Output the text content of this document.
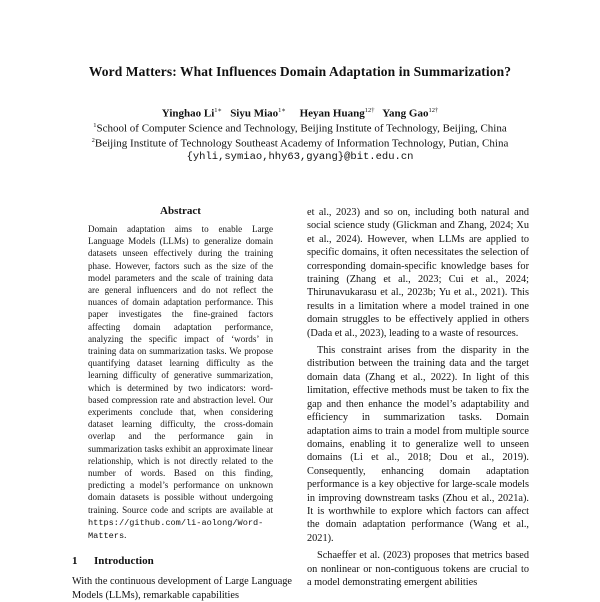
Word Matters: What Influences Domain Adaptation in Summarization?
Yinghao $Li^{1∗}$ Siyu Miao$^{1∗}$ Heyan Huang$^{12\dagger}$ Yang Gao$^{12\dagger}$
$^1$School of Computer Science and Technology, Beijing Institute of Technology, Beijing, China
$^2$Beijing Institute of Technology Southeast Academy of Information Technology, Putian, China
{yhli,symiao,hhy63,gyang}@bit.edu.cn
Abstract
Domain adaptation aims to enable Large Language Models (LLMs) to generalize domain datasets unseen effectively during the training phase. However, factors such as the size of the model parameters and the scale of training data are general influencers and do not reflect the nuances of domain adaptation performance. This paper investigates the fine-grained factors affecting domain adaptation performance, analyzing the specific impact of ‘words’ in training data on summarization tasks. We propose quantifying dataset learning difficulty as the learning difficulty of generative summarization, which is determined by two indicators: word-based compression rate and abstraction level. Our experiments conclude that, when considering dataset learning difficulty, the cross-domain overlap and the performance gain in summarization tasks exhibit an approximate linear relationship, which is not directly related to the number of words. Based on this finding, predicting a model’s performance on unknown domain datasets is possible without undergoing training. Source code and scripts are available at https://github.com/li-aolong/Word-Matters.
1 Introduction
With the continuous development of Large Language Models (LLMs), remarkable capabilities

et al., 2023) and so on, including both natural and social science study (Glickman and Zhang, 2024; Xu et al., 2024). However, when LLMs are applied to specific domains, it often necessitates the selection of corresponding domain-specific knowledge bases for training (Zhang et al., 2023; Cui et al., 2024; Thirunavukarasu et al., 2023b; Yu et al., 2021). This results in a limitation where a model trained in one domain struggles to be effectively applied in others (Dada et al., 2023), leading to a waste of resources.

This constraint arises from the disparity in the distribution between the training data and the target domain data (Zhang et al., 2022). In light of this limitation, effective methods must be taken to fix the gap and then enhance the model’s adaptability and efficiency in summarization tasks. Domain adaptation aims to train a model from multiple source domains, enabling it to generalize well to unseen domains (Li et al., 2018; Dou et al., 2019). Consequently, enhancing domain adaptation performance is a key objective for large-scale models in improving downstream tasks (Zhou et al., 2021a). It is worthwhile to explore which factors can affect the domain adaptation performance (Wang et al., 2021).

Schaeffer et al. (2023) proposes that metrics based on nonlinear or non-contiguous tokens are crucial to a model demonstrating emergent abilities
